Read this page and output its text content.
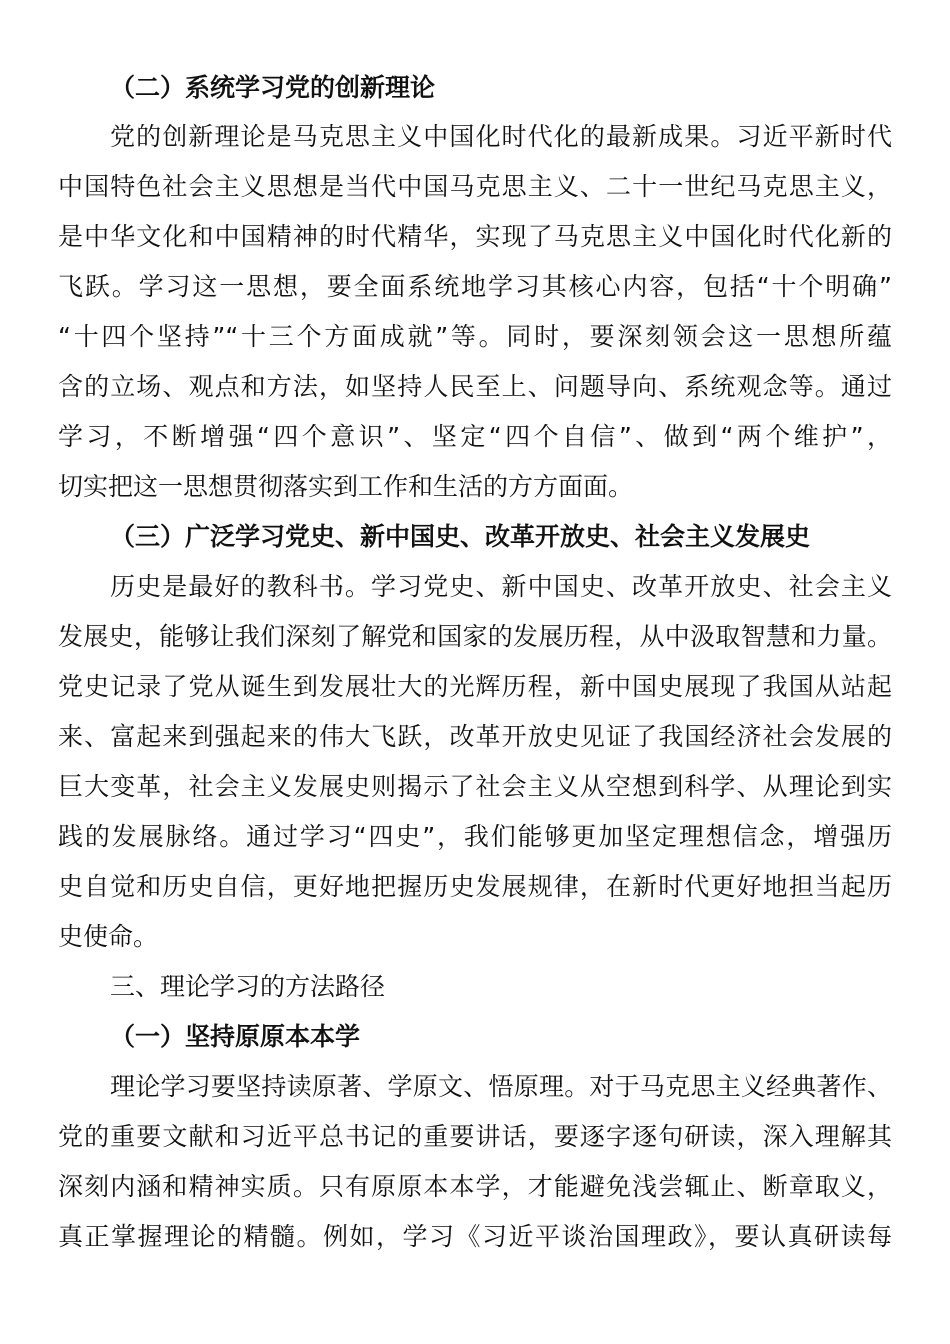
（二）系统学习党的创新理论
党的创新理论是马克思主义中国化时代化的最新成果。习近平新时代
中国特色社会主义思想是当代中国马克思主义、二十一世纪马克思主义，
是中华文化和中国精神的时代精华，实现了马克思主义中国化时代化新的
飞跃。学习这一思想，要全面系统地学习其核心内容，包括“十个明确”
“十四个坚持”“十三个方面成就”等。同时，要深刻领会这一思想所蕴
含的立场、观点和方法，如坚持人民至上、问题导向、系统观念等。通过
学习，不断增强“四个意识”、坚定“四个自信”、做到“两个维护”，
切实把这一思想贯彻落实到工作和生活的方方面面。
（三）广泛学习党史、新中国史、改革开放史、社会主义发展史
历史是最好的教科书。学习党史、新中国史、改革开放史、社会主义
发展史，能够让我们深刻了解党和国家的发展历程，从中汲取智慧和力量。
党史记录了党从诞生到发展壮大的光辉历程，新中国史展现了我国从站起
来、富起来到强起来的伟大飞跃，改革开放史见证了我国经济社会发展的
巨大变革，社会主义发展史则揭示了社会主义从空想到科学、从理论到实
践的发展脉络。通过学习“四史”，我们能够更加坚定理想信念，增强历
史自觉和历史自信，更好地把握历史发展规律，在新时代更好地担当起历
史使命。
三、理论学习的方法路径
（一）坚持原原本本学
理论学习要坚持读原著、学原文、悟原理。对于马克思主义经典著作、
党的重要文献和习近平总书记的重要讲话，要逐字逐句研读，深入理解其
深刻内涵和精神实质。只有原原本本学，才能避免浅尝辄止、断章取义，
真正掌握理论的精髓。例如，学习《习近平谈治国理政》，要认真研读每
